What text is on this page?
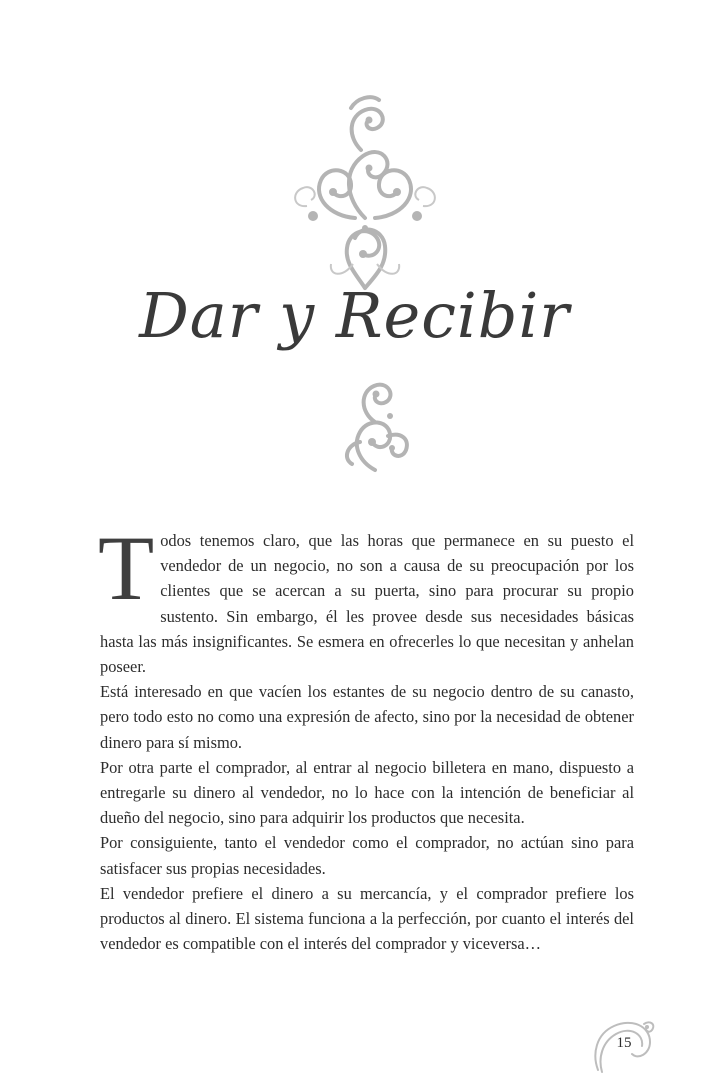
Dar y Recibir

Todos tenemos claro, que las horas que permanece en su puesto el vendedor de un negocio, no son a causa de su preocupación por los clientes que se acercan a su puerta, sino para procurar su propio sustento. Sin embargo, él les provee desde sus necesidades básicas hasta las más insignificantes. Se esmera en ofrecerles lo que necesitan y anhelan poseer.

Está interesado en que vacíen los estantes de su negocio dentro de su canasto, pero todo esto no como una expresión de afecto, sino por la necesidad de obtener dinero para sí mismo.

Por otra parte el comprador, al entrar al negocio billetera en mano, dispuesto a entregarle su dinero al vendedor, no lo hace con la intención de beneficiar al dueño del negocio, sino para adquirir los productos que necesita.

Por consiguiente, tanto el vendedor como el comprador, no actúan sino para satisfacer sus propias necesidades.

El vendedor prefiere el dinero a su mercancía, y el comprador prefiere los productos al dinero. El sistema funciona a la perfección, por cuanto el interés del vendedor es compatible con el interés del comprador y viceversa…

15
